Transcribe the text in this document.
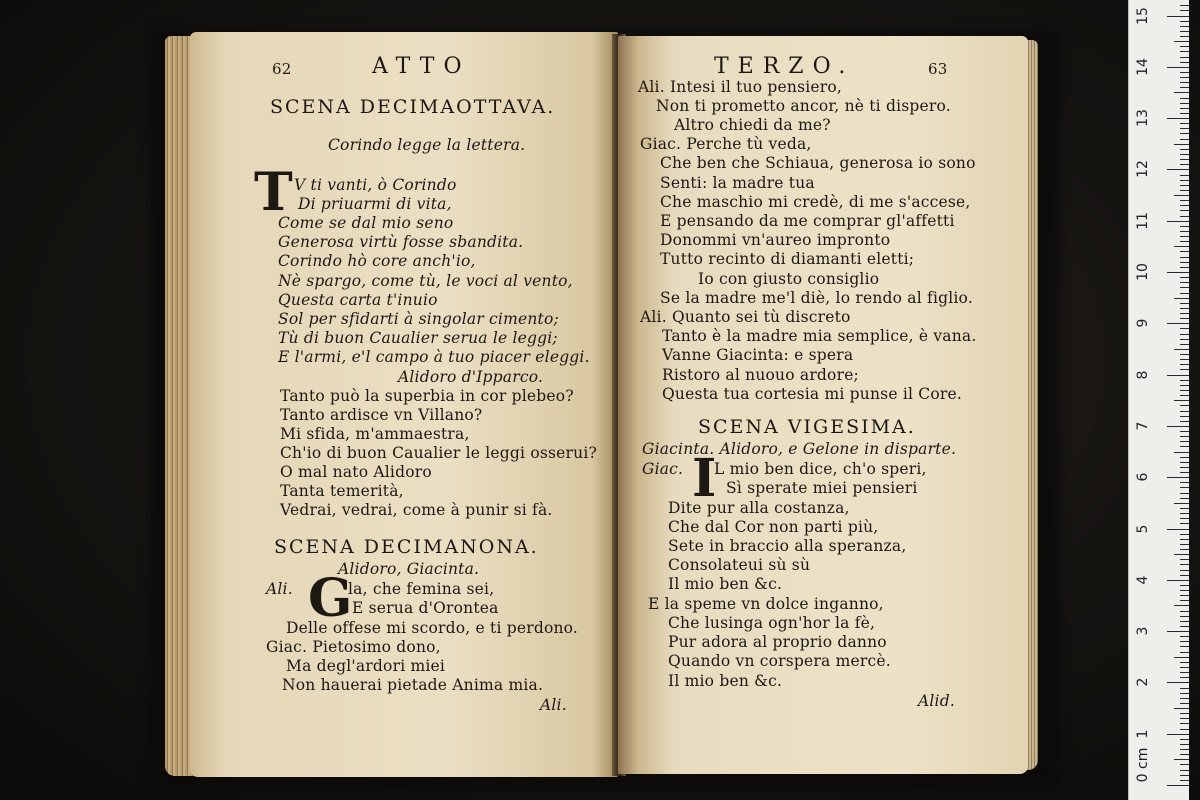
62	ATTO
SCENA DECIMAOTTAVA.
Corindo legge la lettera.
T V ti vanti, ò Corindo
Di priuarmi di vita,
Come se dal mio seno
Generosa virtù fosse sbandita.
Corindo hò core anch'io,
Nè spargo, come tù, le voci al vento,
Questa carta t'inuio
Sol per sfidarti à singolar cimento;
Tù di buon Caualier serua le leggi;
E l'armi, e'l campo à tuo piacer eleggi.
Alidoro d'Ipparco.
Tanto può la superbia in cor plebeo?
Tanto ardisce vn Villano?
Mi sfida, m'ammaestra,
Ch'io di buon Caualier le leggi osserui?
O mal nato Alidoro
Tanta temerità,
Vedrai, vedrai, come à punir si fà.
SCENA DECIMANONA.
Alidoro, Giacinta.
Ali. G
la, che femina sei,
E serua d'Orontea
Delle offese mi scordo, e ti perdono.
Giac. Pietosimo dono,
Ma degl'ardori miei
Non hauerai pietade Anima mia.
Ali.
TERZO.	63
Ali. Intesi il tuo pensiero,
Non ti prometto ancor, nè ti dispero.
Altro chiedi da me?
Giac. Perche tù veda,
Che ben che Schiaua, generosa io sono
Senti: la madre tua
Che maschio mi credè, di me s'accese,
E pensando da me comprar gl'affetti
Donommi vn'aureo impronto
Tutto recinto di diamanti eletti;
Io con giusto consiglio
Se la madre me'l diè, lo rendo al figlio.
Ali. Quanto sei tù discreto
Tanto è la madre mia semplice, è vana.
Vanne Giacinta: e spera
Ristoro al nuouo ardore;
Questa tua cortesia mi punse il Core.
SCENA VIGESIMA.
Giacinta. Alidoro, e Gelone in disparte.
Giac. I
L mio ben dice, ch'o speri,
Sì sperate miei pensieri
Dite pur alla costanza,
Che dal Cor non parti più,
Sete in braccio alla speranza,
Consolateui sù sù
Il mio ben &c.
E la speme vn dolce inganno,
Che lusinga ogn'hor la fè,
Pur adora al proprio danno
Quando vn corspera mercè.
Il mio ben &c.
Alid.
0 cm
1
2
3
4
5
6
7
8
9
10
11
12
13
14
15
